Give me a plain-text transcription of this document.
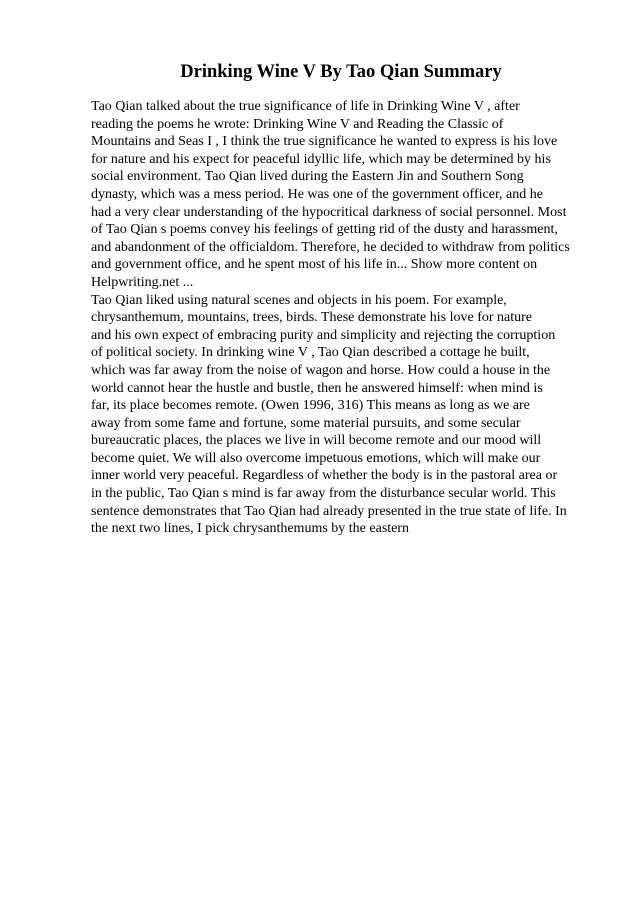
Drinking Wine V By Tao Qian Summary
Tao Qian talked about the true significance of life in Drinking Wine V , after
reading the poems he wrote: Drinking Wine V and Reading the Classic of
Mountains and Seas I , I think the true significance he wanted to express is his love
for nature and his expect for peaceful idyllic life, which may be determined by his
social environment. Tao Qian lived during the Eastern Jin and Southern Song
dynasty, which was a mess period. He was one of the government officer, and he
had a very clear understanding of the hypocritical darkness of social personnel. Most
of Tao Qian s poems convey his feelings of getting rid of the dusty and harassment,
and abandonment of the officialdom. Therefore, he decided to withdraw from politics
and government office, and he spent most of his life in... Show more content on
Helpwriting.net ...
Tao Qian liked using natural scenes and objects in his poem. For example,
chrysanthemum, mountains, trees, birds. These demonstrate his love for nature
and his own expect of embracing purity and simplicity and rejecting the corruption
of political society. In drinking wine V , Tao Qian described a cottage he built,
which was far away from the noise of wagon and horse. How could a house in the
world cannot hear the hustle and bustle, then he answered himself: when mind is
far, its place becomes remote. (Owen 1996, 316) This means as long as we are
away from some fame and fortune, some material pursuits, and some secular
bureaucratic places, the places we live in will become remote and our mood will
become quiet. We will also overcome impetuous emotions, which will make our
inner world very peaceful. Regardless of whether the body is in the pastoral area or
in the public, Tao Qian s mind is far away from the disturbance secular world. This
sentence demonstrates that Tao Qian had already presented in the true state of life. In
the next two lines, I pick chrysanthemums by the eastern
